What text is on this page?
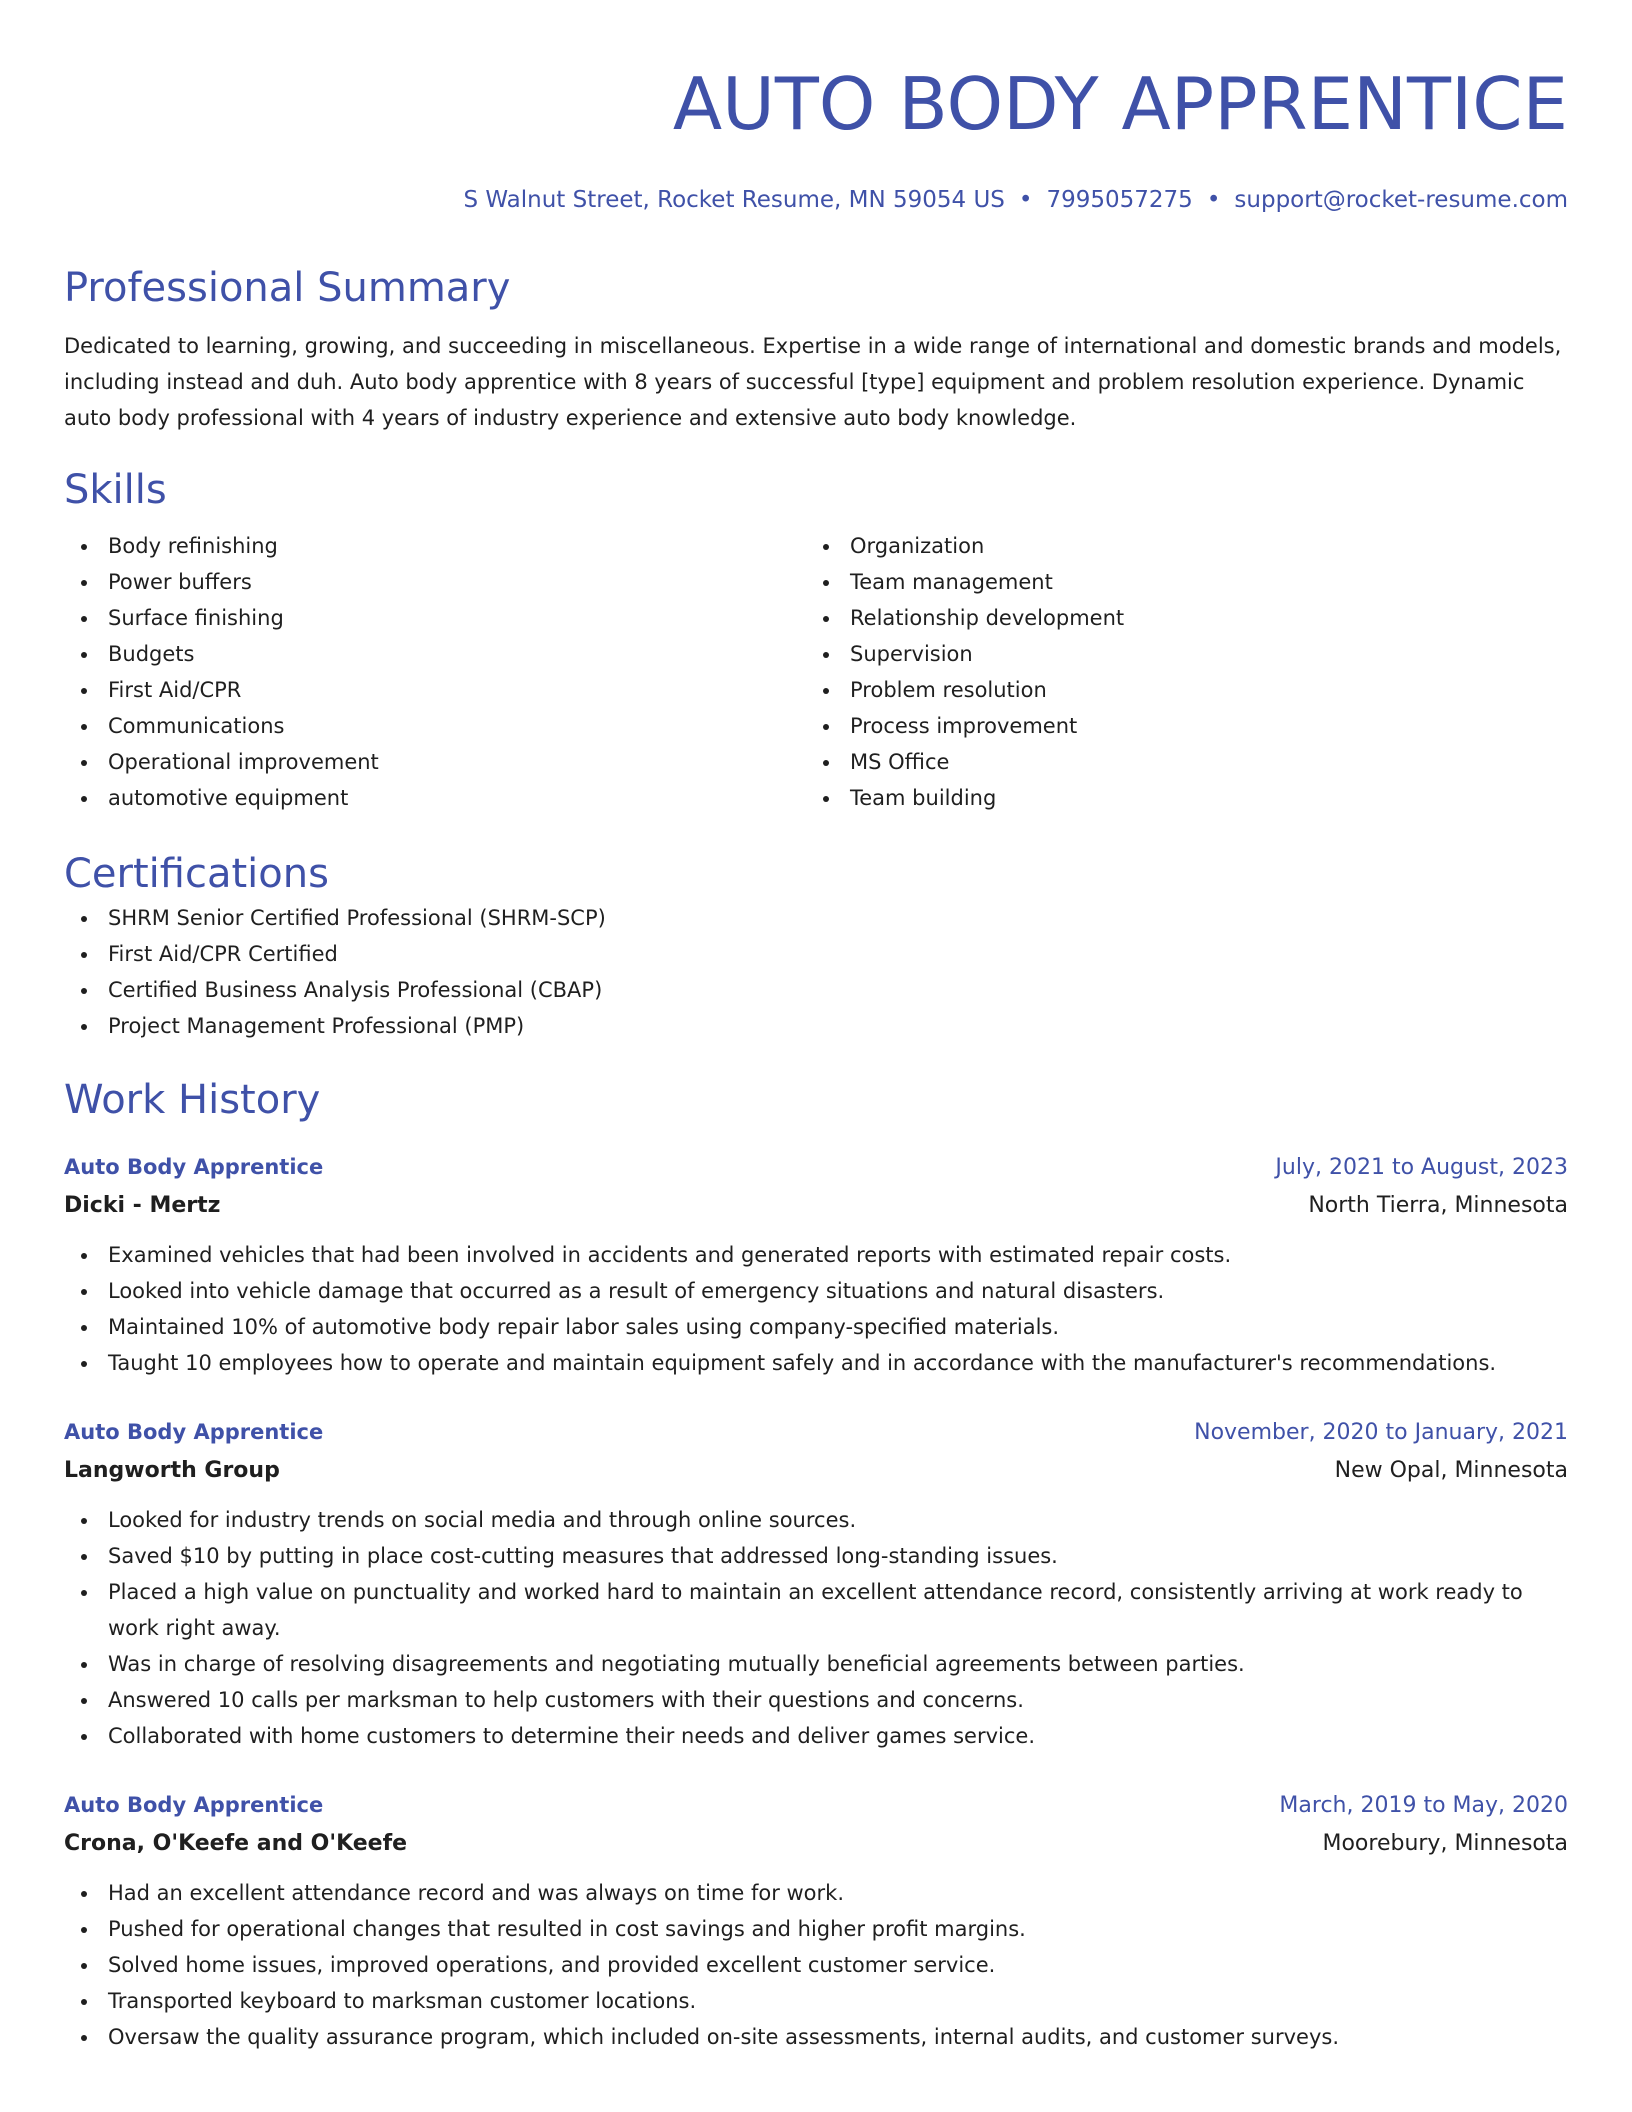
AUTO BODY APPRENTICE
S Walnut Street, Rocket Resume, MN 59054 US • 7995057275 • support@rocket-resume.com
Professional Summary
Dedicated to learning, growing, and succeeding in miscellaneous. Expertise in a wide range of international and domestic brands and models, including instead and duh. Auto body apprentice with 8 years of successful [type] equipment and problem resolution experience. Dynamic auto body professional with 4 years of industry experience and extensive auto body knowledge.
Skills
Body refinishing
Power buffers
Surface finishing
Budgets
First Aid/CPR
Communications
Operational improvement
automotive equipment
Organization
Team management
Relationship development
Supervision
Problem resolution
Process improvement
MS Office
Team building
Certifications
SHRM Senior Certified Professional (SHRM-SCP)
First Aid/CPR Certified
Certified Business Analysis Professional (CBAP)
Project Management Professional (PMP)
Work History
Auto Body Apprentice	July, 2021 to August, 2023
Dicki - Mertz	North Tierra, Minnesota
Examined vehicles that had been involved in accidents and generated reports with estimated repair costs.
Looked into vehicle damage that occurred as a result of emergency situations and natural disasters.
Maintained 10% of automotive body repair labor sales using company-specified materials.
Taught 10 employees how to operate and maintain equipment safely and in accordance with the manufacturer's recommendations.
Auto Body Apprentice	November, 2020 to January, 2021
Langworth Group	New Opal, Minnesota
Looked for industry trends on social media and through online sources.
Saved $10 by putting in place cost-cutting measures that addressed long-standing issues.
Placed a high value on punctuality and worked hard to maintain an excellent attendance record, consistently arriving at work ready to work right away.
Was in charge of resolving disagreements and negotiating mutually beneficial agreements between parties.
Answered 10 calls per marksman to help customers with their questions and concerns.
Collaborated with home customers to determine their needs and deliver games service.
Auto Body Apprentice	March, 2019 to May, 2020
Crona, O'Keefe and O'Keefe	Moorebury, Minnesota
Had an excellent attendance record and was always on time for work.
Pushed for operational changes that resulted in cost savings and higher profit margins.
Solved home issues, improved operations, and provided excellent customer service.
Transported keyboard to marksman customer locations.
Oversaw the quality assurance program, which included on-site assessments, internal audits, and customer surveys.
